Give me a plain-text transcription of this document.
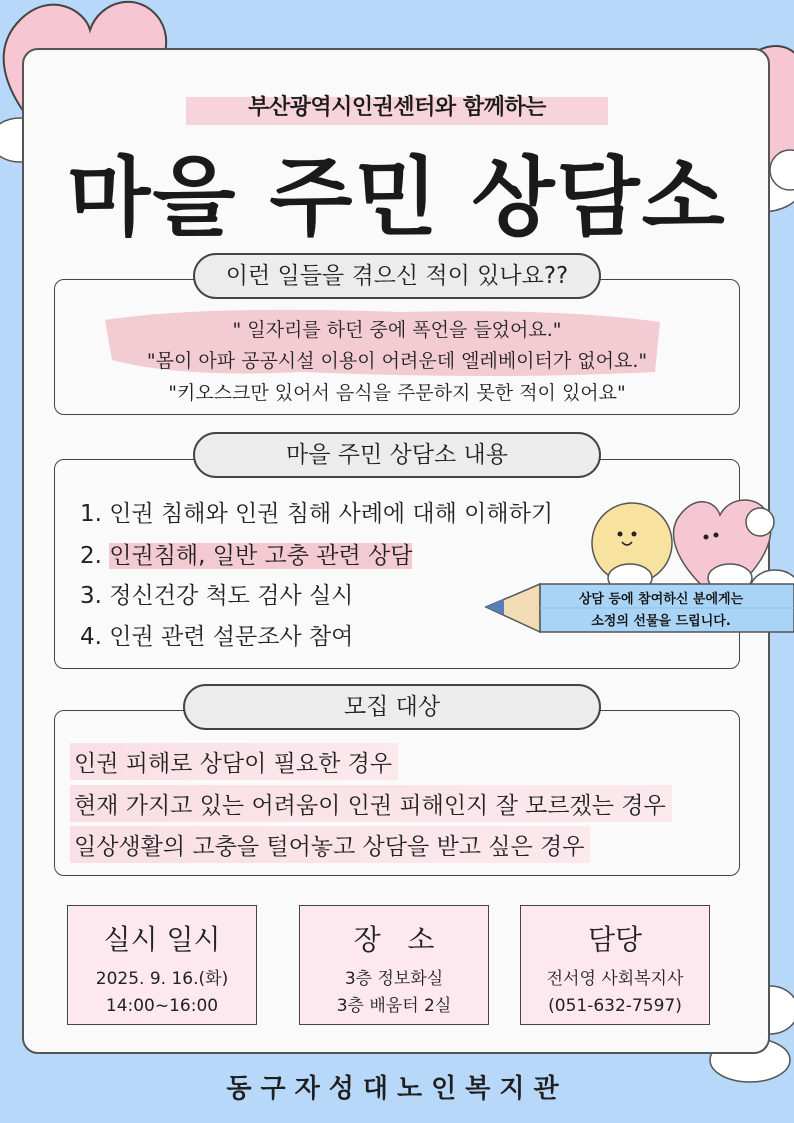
부산광역시인권센터와 함께하는
마을 주민 상담소
이런 일들을 겪으신 적이 있나요??
" 일자리를 하던 중에 폭언을 들었어요."
"몸이 아파 공공시설 이용이 어려운데 엘레베이터가 없어요."
"키오스크만 있어서 음식을 주문하지 못한 적이 있어요"
마을 주민 상담소 내용
1. 인권 침해와 인권 침해 사례에 대해 이해하기
2. 인권침해, 일반 고충 관련 상담
3. 정신건강 척도 검사 실시
4. 인권 관련 설문조사 참여
상담 등에 참여하신 분에게는
소정의 선물을 드립니다.
모집 대상
인권 피해로 상담이 필요한 경우
현재 가지고 있는 어려움이 인권 피해인지 잘 모르겠는 경우
일상생활의 고충을 털어놓고 상담을 받고 싶은 경우
실시 일시
2025. 9. 16.(화)
14:00~16:00
장   소
3층 정보화실
3층 배움터 2실
담당
전서영 사회복지사
(051-632-7597)
동구자성대노인복지관
